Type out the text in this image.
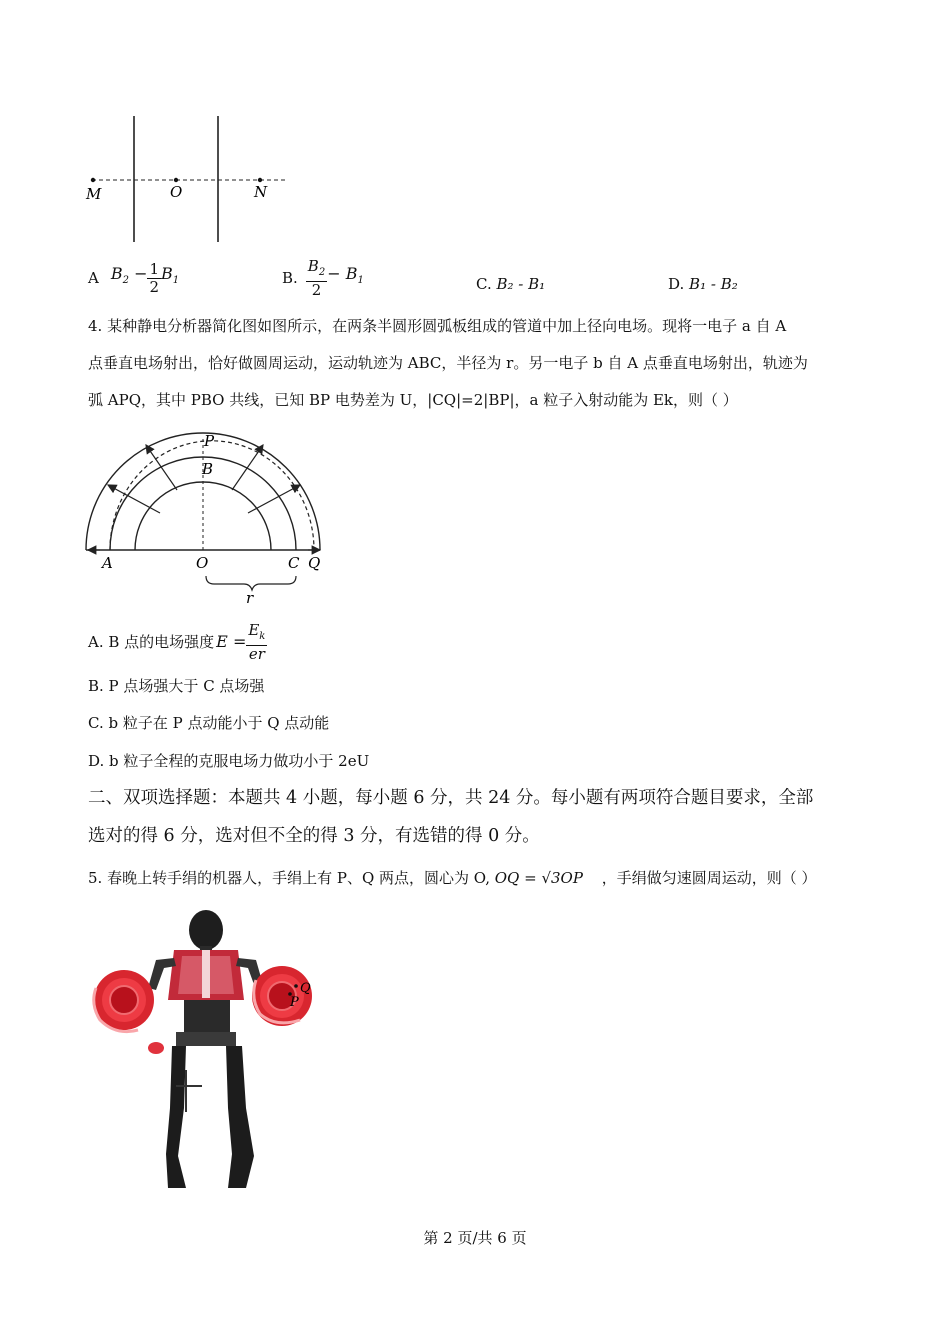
M	O	N
A $B_2 - \frac{1}{2} B_1$	B. $\frac{B_2}{2} - B_1$	C. B₂ - B₁	D. B₁ - B₂
4. 某种静电分析器简化图如图所示，在两条半圆形圆弧板组成的管道中加上径向电场。现将一电子 a 自 A
点垂直电场射出，恰好做圆周运动，运动轨迹为 ABC，半径为 r。另一电子 b 自 A 点垂直电场射出，轨迹为
弧 APQ，其中 PBO 共线，已知 BP 电势差为 U，|CQ|=2|BP|，a 粒子入射动能为 Ek，则（ ）
P
B
A	O	C Q
r
A. B 点的电场强度 $E = \frac{E_k}{er}$
B. P 点场强大于 C 点场强
C. b 粒子在 P 点动能小于 Q 点动能
D. b 粒子全程的克服电场力做功小于 2eU
二、双项选择题：本题共 4 小题，每小题 6 分，共 24 分。每小题有两项符合题目要求，全部
选对的得 6 分，选对但不全的得 3 分，有选错的得 0 分。
5. 春晚上转手绢的机器人，手绢上有 P、Q 两点，圆心为 O, OQ = √3OP ，手绢做匀速圆周运动，则（ ）
Q
P
第 2 页/共 6 页
